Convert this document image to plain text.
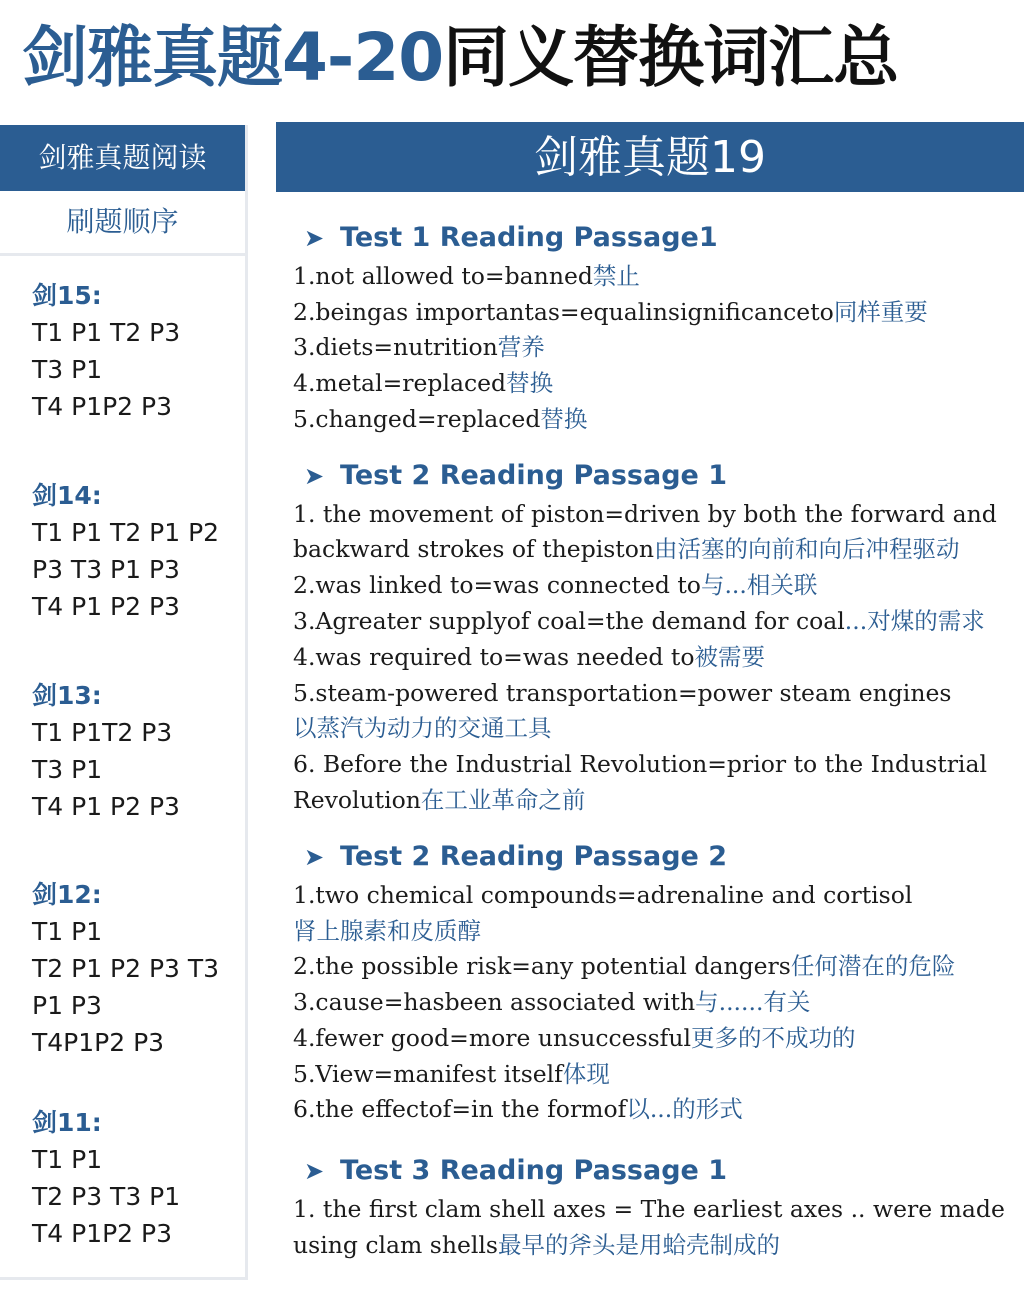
剑雅真题4-20同义替换词汇总
剑雅真题阅读
刷题顺序
剑15:
T1 P1 T2 P3
T3 P1
T4 P1P2 P3
剑14:
T1 P1 T2 P1 P2
P3 T3 P1 P3
T4 P1 P2 P3
剑13:
T1 P1T2 P3
T3 P1
T4 P1 P2 P3
剑12:
T1 P1
T2 P1 P2 P3 T3
P1 P3
T4P1P2 P3
剑11:
T1 P1
T2 P3 T3 P1
T4 P1P2 P3
剑雅真题19
➤ Test 1 Reading Passage1
1.not allowed to=banned禁止
2.beingas importantas=equalinsignificanceto同样重要
3.diets=nutrition营养
4.metal=replaced替换
5.changed=replaced替换
➤ Test 2 Reading Passage 1
1. the movement of piston=driven by both the forward and
backward strokes of thepiston由活塞的向前和向后冲程驱动
2.was linked to=was connected to与...相关联
3.Agreater supplyof coal=the demand for coal...对煤的需求
4.was required to=was needed to被需要
5.steam-powered transportation=power steam engines
以蒸汽为动力的交通工具
6. Before the Industrial Revolution=prior to the Industrial
Revolution在工业革命之前
➤ Test 2 Reading Passage 2
1.two chemical compounds=adrenaline and cortisol
肾上腺素和皮质醇
2.the possible risk=any potential dangers任何潜在的危险
3.cause=hasbeen associated with与......有关
4.fewer good=more unsuccessful更多的不成功的
5.View=manifest itself体现
6.the effectof=in the formof以...的形式
➤ Test 3 Reading Passage 1
1. the first clam shell axes = The earliest axes .. were made
using clam shells最早的斧头是用蛤壳制成的
